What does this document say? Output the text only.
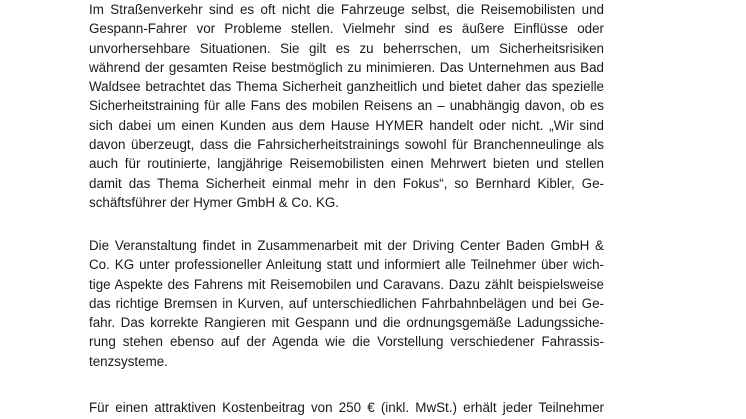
Im Straßenverkehr sind es oft nicht die Fahrzeuge selbst, die Reisemobilisten und
Gespann-Fahrer vor Probleme stellen. Vielmehr sind es äußere Einflüsse oder
unvorhersehbare Situationen. Sie gilt es zu beherrschen, um Sicherheitsrisiken
während der gesamten Reise bestmöglich zu minimieren. Das Unternehmen aus Bad
Waldsee betrachtet das Thema Sicherheit ganzheitlich und bietet daher das spezielle
Sicherheitstraining für alle Fans des mobilen Reisens an – unabhängig davon, ob es
sich dabei um einen Kunden aus dem Hause HYMER handelt oder nicht. „Wir sind
davon überzeugt, dass die Fahrsicherheitstrainings sowohl für Branchenneulinge als
auch für routinierte, langjährige Reisemobilisten einen Mehrwert bieten und stellen
damit das Thema Sicherheit einmal mehr in den Fokus“, so Bernhard Kibler, Ge-
schäftsführer der Hymer GmbH & Co. KG.
Die Veranstaltung findet in Zusammenarbeit mit der Driving Center Baden GmbH &
Co. KG unter professioneller Anleitung statt und informiert alle Teilnehmer über wich-
tige Aspekte des Fahrens mit Reisemobilen und Caravans. Dazu zählt beispielsweise
das richtige Bremsen in Kurven, auf unterschiedlichen Fahrbahnbelägen und bei Ge-
fahr. Das korrekte Rangieren mit Gespann und die ordnungsgemäße Ladungssiche-
rung stehen ebenso auf der Agenda wie die Vorstellung verschiedener Fahrassis-
tenzsysteme.
Für einen attraktiven Kostenbeitrag von 250 € (inkl. MwSt.) erhält jeder Teilnehmer
